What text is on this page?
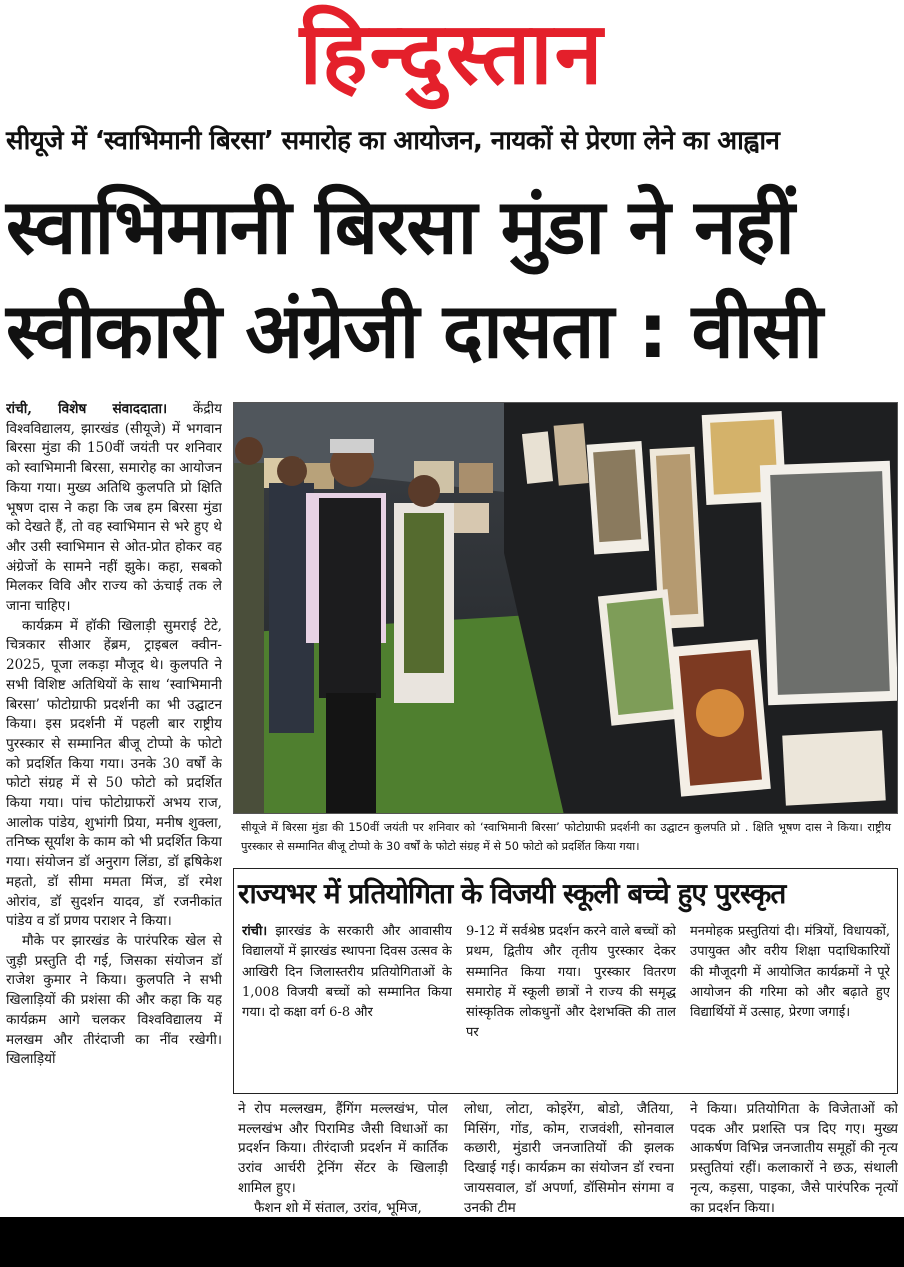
हिन्दुस्तान
सीयूजे में ‘स्वाभिमानी बिरसा’ समारोह का आयोजन, नायकों से प्रेरणा लेने का आह्वान
स्वाभिमानी बिरसा मुंडा ने नहीं
स्वीकारी अंग्रेजी दासता : वीसी

रांची, विशेष संवाददाता। केंद्रीय विश्वविद्यालय, झारखंड (सीयूजे) में भगवान बिरसा मुंडा की 150वीं जयंती पर शनिवार को स्वाभिमानी बिरसा, समारोह का आयोजन किया गया। मुख्य अतिथि कुलपति प्रो क्षिति भूषण दास ने कहा कि जब हम बिरसा मुंडा को देखते हैं, तो वह स्वाभिमान से भरे हुए थे और उसी स्वाभिमान से ओत-प्रोत होकर वह अंग्रेजों के सामने नहीं झुके। कहा, सबको मिलकर विवि और राज्य को ऊंचाई तक ले जाना चाहिए।

कार्यक्रम में हॉकी खिलाड़ी सुमराई टेटे, चित्रकार सीआर हेंब्रम, ट्राइबल क्वीन- 2025, पूजा लकड़ा मौजूद थे। कुलपति ने सभी विशिष्ट अतिथियों के साथ ‘स्वाभिमानी बिरसा’ फोटोग्राफी प्रदर्शनी का भी उद्घाटन किया। इस प्रदर्शनी में पहली बार राष्ट्रीय पुरस्कार से सम्मानित बीजू टोप्पो के फोटो को प्रदर्शित किया गया। उनके 30 वर्षों के फोटो संग्रह में से 50 फोटो को प्रदर्शित किया गया। पांच फोटोग्राफरों अभय राज, आलोक पांडेय, शुभांगी प्रिया, मनीष शुक्ला, तनिष्क सूर्यांश के काम को भी प्रदर्शित किया गया। संयोजन डॉ अनुराग लिंडा, डॉ ह्रषिकेश महतो, डॉ सीमा ममता मिंज, डॉ रमेश ओरांव, डॉ सुदर्शन यादव, डॉ रजनीकांत पांडेय व डॉ प्रणय पराशर ने किया।

मौके पर झारखंड के पारंपरिक खेल से जुड़ी प्रस्तुति दी गई, जिसका संयोजन डॉ राजेश कुमार ने किया। कुलपति ने सभी खिलाड़ियों की प्रशंसा की और कहा कि यह कार्यक्रम आगे चलकर विश्वविद्यालय में मलखम और तीरंदाजी का नींव रखेगी। खिलाड़ियों

सीयूजे में बिरसा मुंडा की 150वीं जयंती पर शनिवार को ‘स्वाभिमानी बिरसा’ फोटोग्राफी प्रदर्शनी का उद्घाटन कुलपति प्रो . क्षिति भूषण दास ने किया। राष्ट्रीय पुरस्कार से सम्मानित बीजू टोप्पो के 30 वर्षों के फोटो संग्रह में से 50 फोटो को प्रदर्शित किया गया।
राज्यभर में प्रतियोगिता के विजयी स्कूली बच्चे हुए पुरस्कृत

रांची। झारखंड के सरकारी और आवासीय विद्यालयों में झारखंड स्थापना दिवस उत्सव के आखिरी दिन जिलास्तरीय प्रतियोगिताओं के 1,008 विजयी बच्चों को सम्मानित किया गया। दो कक्षा वर्ग 6-8 और

9-12 में सर्वश्रेष्ठ प्रदर्शन करने वाले बच्चों को प्रथम, द्वितीय और तृतीय पुरस्कार देकर सम्मानित किया गया। पुरस्कार वितरण समारोह में स्कूली छात्रों ने राज्य की समृद्ध सांस्कृतिक लोकधुनों और देशभक्ति की ताल पर

मनमोहक प्रस्तुतियां दी। मंत्रियों, विधायकों, उपायुक्त और वरीय शिक्षा पदाधिकारियों की मौजूदगी में आयोजित कार्यक्रमों ने पूरे आयोजन की गरिमा को और बढ़ाते हुए विद्यार्थियों में उत्साह, प्रेरणा जगाई।

ने रोप मल्लखम, हैंगिंग मल्लखंभ, पोल मल्लखंभ और पिरामिड जैसी विधाओं का प्रदर्शन किया। तीरंदाजी प्रदर्शन में कार्तिक उरांव आर्चरी ट्रेनिंग सेंटर के खिलाड़ी शामिल हुए।

फैशन शो में संताल, उरांव, भूमिज,

लोधा, लोटा, कोइरेंग, बोडो, जैतिया, मिसिंग, गोंड, कोम, राजवंशी, सोनवाल कछारी, मुंडारी जनजातियों की झलक दिखाई गई। कार्यक्रम का संयोजन डॉ रचना जायसवाल, डॉ अपर्णा, डॉसिमोन संगमा व उनकी टीम

ने किया। प्रतियोगिता के विजेताओं को पदक और प्रशस्ति पत्र दिए गए। मुख्य आकर्षण विभिन्न जनजातीय समूहों की नृत्य प्रस्तुतियां रहीं। कलाकारों ने छऊ, संथाली नृत्य, कड़सा, पाइका, जैसे पारंपरिक नृत्यों का प्रदर्शन किया।
